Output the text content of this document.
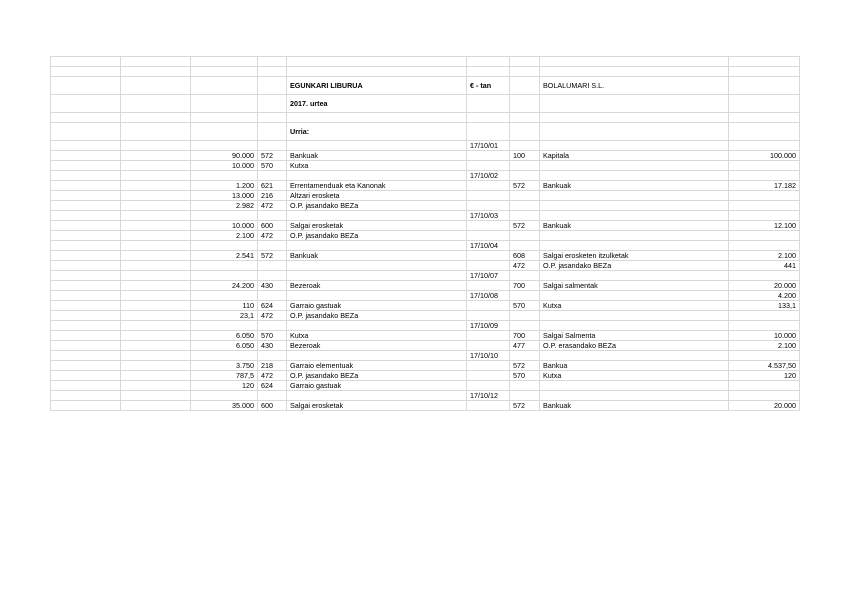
				EGUNKARI LIBURUA	€ - tan		BOLALUMARI S.L.	
				2017. urtea				

				Urria:				
					17/10/01			
		90.000	572	Bankuak		100	Kapitala	100.000
		10.000	570	Kutxa				
					17/10/02			
		1.200	621	Errentamenduak eta Kanonak		572	Bankuak	17.182
		13.000	216	Altzari erosketa				
		2.982	472	O.P. jasandako BEZa				
					17/10/03			
		10.000	600	Salgai erosketak		572	Bankuak	12.100
		2.100	472	O.P. jasandako BEZa				
					17/10/04			
		2.541	572	Bankuak		608	Salgai erosketen itzulketak	2.100
						472	O.P. jasandako BEZa	441
					17/10/07			
		24.200	430	Bezeroak		700	Salgai salmentak	20.000
					17/10/08			4.200
		110	624	Garraio gastuak		570	Kutxa	133,1
		23,1	472	O.P. jasandako BEZa				
					17/10/09			
		6.050	570	Kutxa		700	Salgai Salmenta	10.000
		6.050	430	Bezeroak		477	O.P. erasandako BEZa	2.100
					17/10/10			
		3.750	218	Garraio elementuak		572	Bankua	4.537,50
		787,5	472	O.P. jasandako BEZa		570	Kutxa	120
		120	624	Garraio gastuak				
					17/10/12			
		35.000	600	Salgai erosketak		572	Bankuak	20.000
